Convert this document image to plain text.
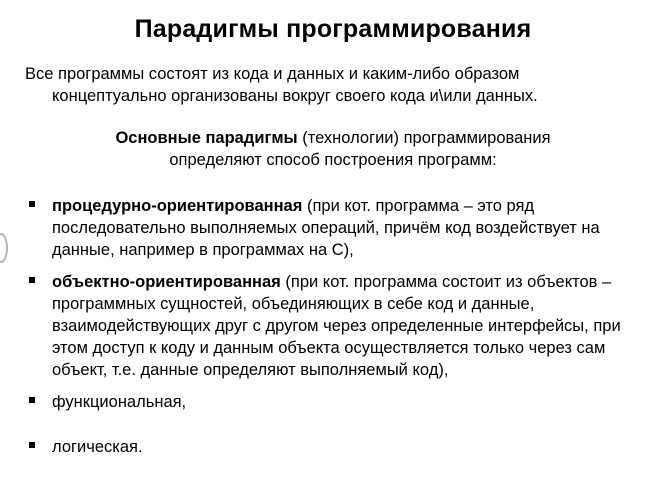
Парадигмы программирования
Все программы состоят из кода и данных и каким-либо образом
концептуально организованы вокруг своего кода и\или данных.
Основные парадигмы (технологии) программирования
определяют способ построения программ:
процедурно-ориентированная (при кот. программа – это ряд последовательно выполняемых операций, причём код воздействует на данные, например в программах на С),
объектно-ориентированная (при кот. программа состоит из объектов – программных сущностей, объединяющих в себе код и данные, взаимодействующих друг с другом через определенные интерфейсы, при этом доступ к коду и данным объекта осуществляется только через сам объект, т.е. данные определяют выполняемый код),
функциональная,
логическая.
